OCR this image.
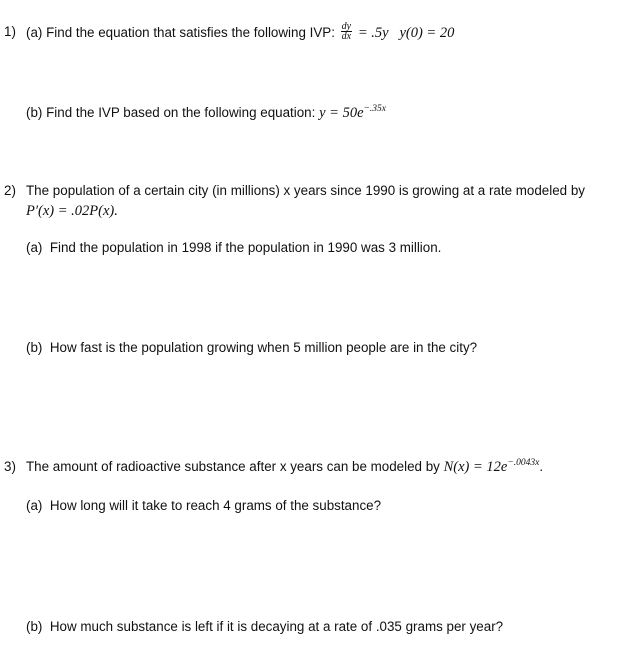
1) (a) Find the equation that satisfies the following IVP: $\frac{dy}{dx} = .5y$   y(0) = 20
(b) Find the IVP based on the following equation: $y = 50e^{-.35x}$
2) The population of a certain city (in millions) x years since 1990 is growing at a rate modeled by
P′(x) = .02P(x).
(a) Find the population in 1998 if the population in 1990 was 3 million.
(b) How fast is the population growing when 5 million people are in the city?
3) The amount of radioactive substance after x years can be modeled by $N(x) = 12e^{-.0043x}$.
(a) How long will it take to reach 4 grams of the substance?
(b) How much substance is left if it is decaying at a rate of .035 grams per year?
